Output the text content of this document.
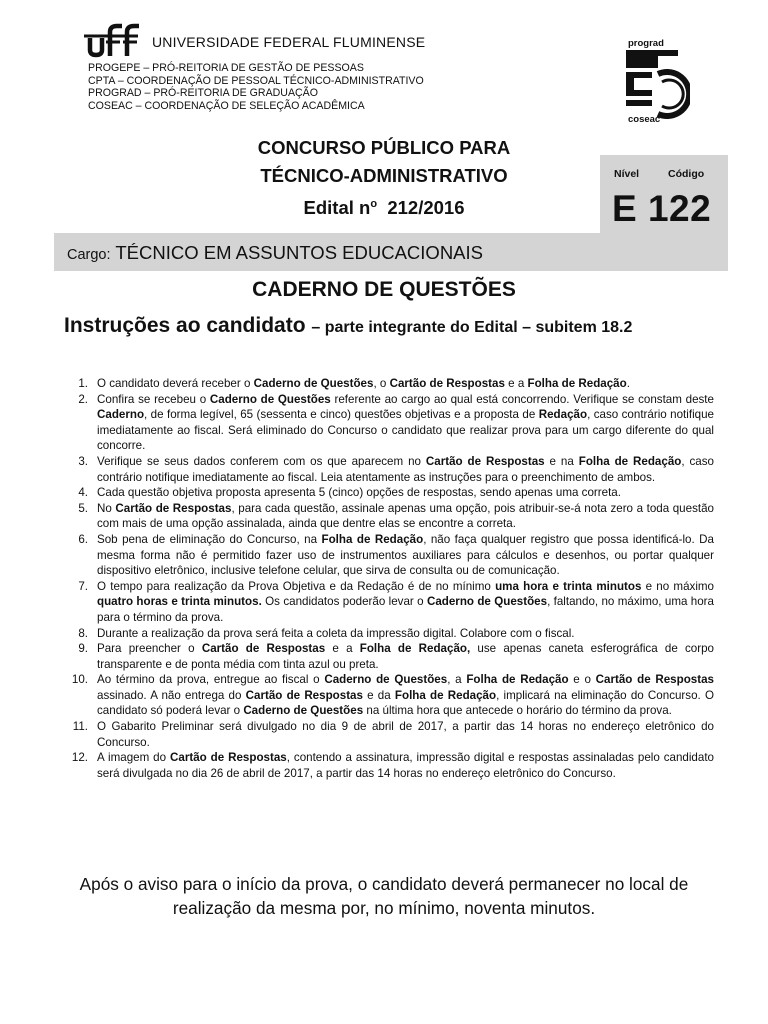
UNIVERSIDADE FEDERAL FLUMINENSE
PROGEPE – PRÓ-REITORIA DE GESTÃO DE PESSOAS
CPTA – COORDENAÇÃO DE PESSOAL TÉCNICO-ADMINISTRATIVO
PROGRAD – PRÓ-REITORIA DE GRADUAÇÃO
COSEAC – COORDENAÇÃO DE SELEÇÃO ACADÊMICA
prograd
coseac
CONCURSO PÚBLICO PARA
TÉCNICO-ADMINISTRATIVO
Edital $n^o$ 212/2016
Nível	Código
E 122
Cargo: TÉCNICO EM ASSUNTOS EDUCACIONAIS
CADERNO DE QUESTÕES
Instruções ao candidato – parte integrante do Edital – subitem 18.2
1. O candidato deverá receber o Caderno de Questões, o Cartão de Respostas e a Folha de Redação.
2. Confira se recebeu o Caderno de Questões referente ao cargo ao qual está concorrendo. Verifique se constam deste Caderno, de forma legível, 65 (sessenta e cinco) questões objetivas e a proposta de Redação, caso contrário notifique imediatamente ao fiscal. Será eliminado do Concurso o candidato que realizar prova para um cargo diferente do qual concorre.
3. Verifique se seus dados conferem com os que aparecem no Cartão de Respostas e na Folha de Redação, caso contrário notifique imediatamente ao fiscal. Leia atentamente as instruções para o preenchimento de ambos.
4. Cada questão objetiva proposta apresenta 5 (cinco) opções de respostas, sendo apenas uma correta.
5. No Cartão de Respostas, para cada questão, assinale apenas uma opção, pois atribuir-se-á nota zero a toda questão com mais de uma opção assinalada, ainda que dentre elas se encontre a correta.
6. Sob pena de eliminação do Concurso, na Folha de Redação, não faça qualquer registro que possa identificá-lo. Da mesma forma não é permitido fazer uso de instrumentos auxiliares para cálculos e desenhos, ou portar qualquer dispositivo eletrônico, inclusive telefone celular, que sirva de consulta ou de comunicação.
7. O tempo para realização da Prova Objetiva e da Redação é de no mínimo uma hora e trinta minutos e no máximo quatro horas e trinta minutos. Os candidatos poderão levar o Caderno de Questões, faltando, no máximo, uma hora para o término da prova.
8. Durante a realização da prova será feita a coleta da impressão digital. Colabore com o fiscal.
9. Para preencher o Cartão de Respostas e a Folha de Redação, use apenas caneta esferográfica de corpo transparente e de ponta média com tinta azul ou preta.
10. Ao término da prova, entregue ao fiscal o Caderno de Questões, a Folha de Redação e o Cartão de Respostas assinado. A não entrega do Cartão de Respostas e da Folha de Redação, implicará na eliminação do Concurso. O candidato só poderá levar o Caderno de Questões na última hora que antecede o horário do término da prova.
11. O Gabarito Preliminar será divulgado no dia 9 de abril de 2017, a partir das 14 horas no endereço eletrônico do Concurso.
12. A imagem do Cartão de Respostas, contendo a assinatura, impressão digital e respostas assinaladas pelo candidato será divulgada no dia 26 de abril de 2017, a partir das 14 horas no endereço eletrônico do Concurso.
Após o aviso para o início da prova, o candidato deverá permanecer no local de
realização da mesma por, no mínimo, noventa minutos.
